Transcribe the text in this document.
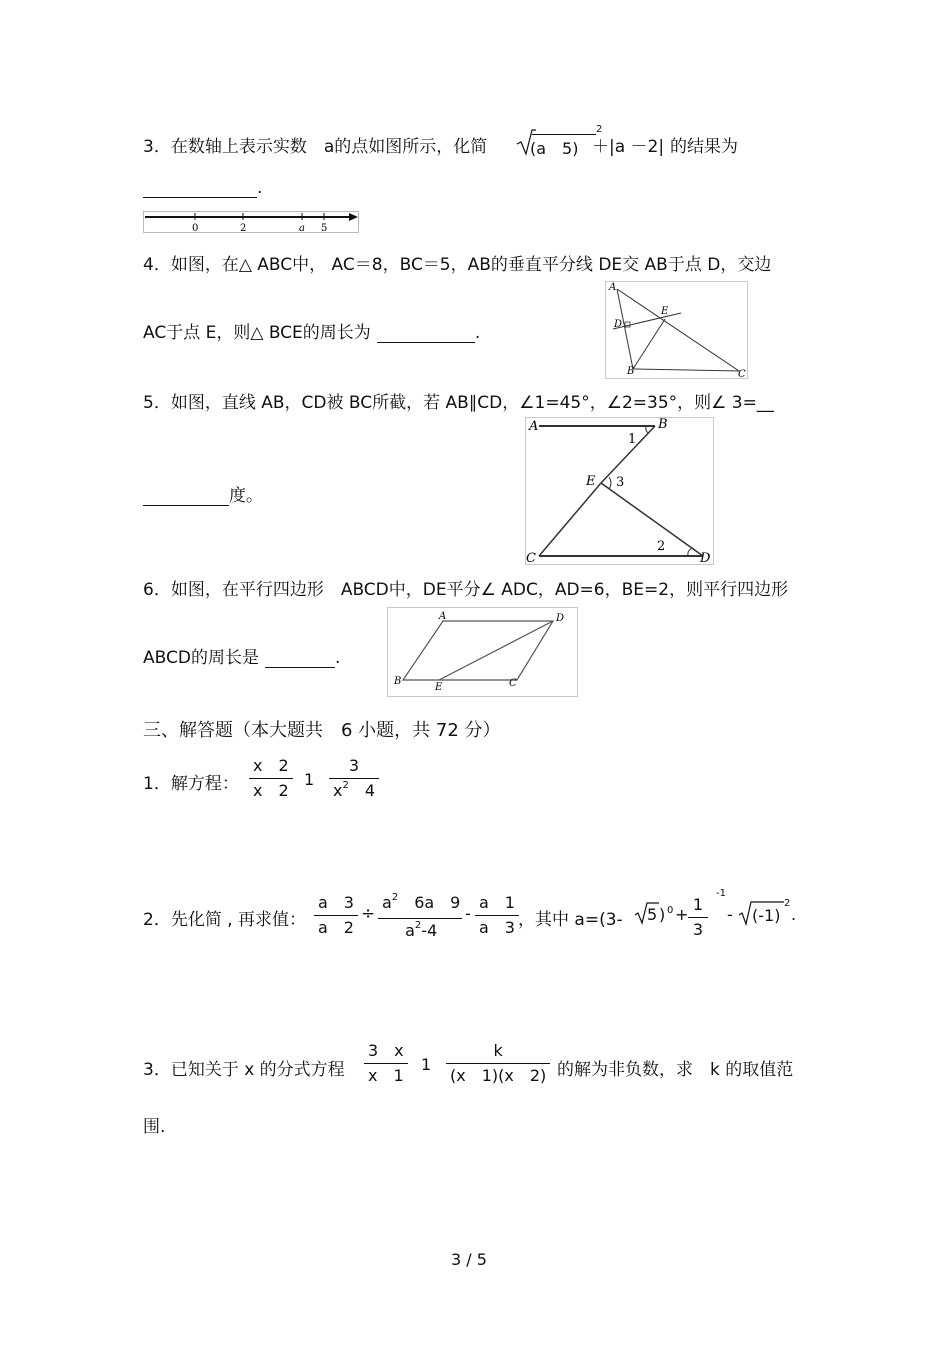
3．在数轴上表示实数　 a的点如图所示，化简	(a　5)
2
＋|a －2| 的结果为
.
0	2	a 5
4．如图，在△ ABC中， AC＝8，BC＝5，AB的垂直平分线 DE交 AB于点 D，交边
AC于点 E，则△ BCE的周长为	.
A
D
E
B	C
5．如图，直线 AB，CD被 BC所截，若 AB∥CD，∠1=45°，∠2=35°，则∠ 3=__
度。
A	B
1
E 3
2
C	D
6．如图，在平行四边形　ABCD中，DE平分∠ ADC，AD=6，BE=2，则平行四边形
ABCD的周长是	.
A	D
B
E	C
三、解答题（本大题共　6 小题，共 72 分）
1．解方程：
x　2
x　2
1
3
$x^2$　4
2．先化简 , 再求值：
a　3
a　2
÷
$a^2$　6a　9
$a^2-4$
-
a　1
a　3 ，其中 a=(3- 5 ) 0 +
1
3
-1
- (-1)
2
.
3．已知关于 x 的分式方程
3　x
x　1
1
k
(x　1)(x　2) 的解为非负数，求　k 的取值范
围.
3 / 5
